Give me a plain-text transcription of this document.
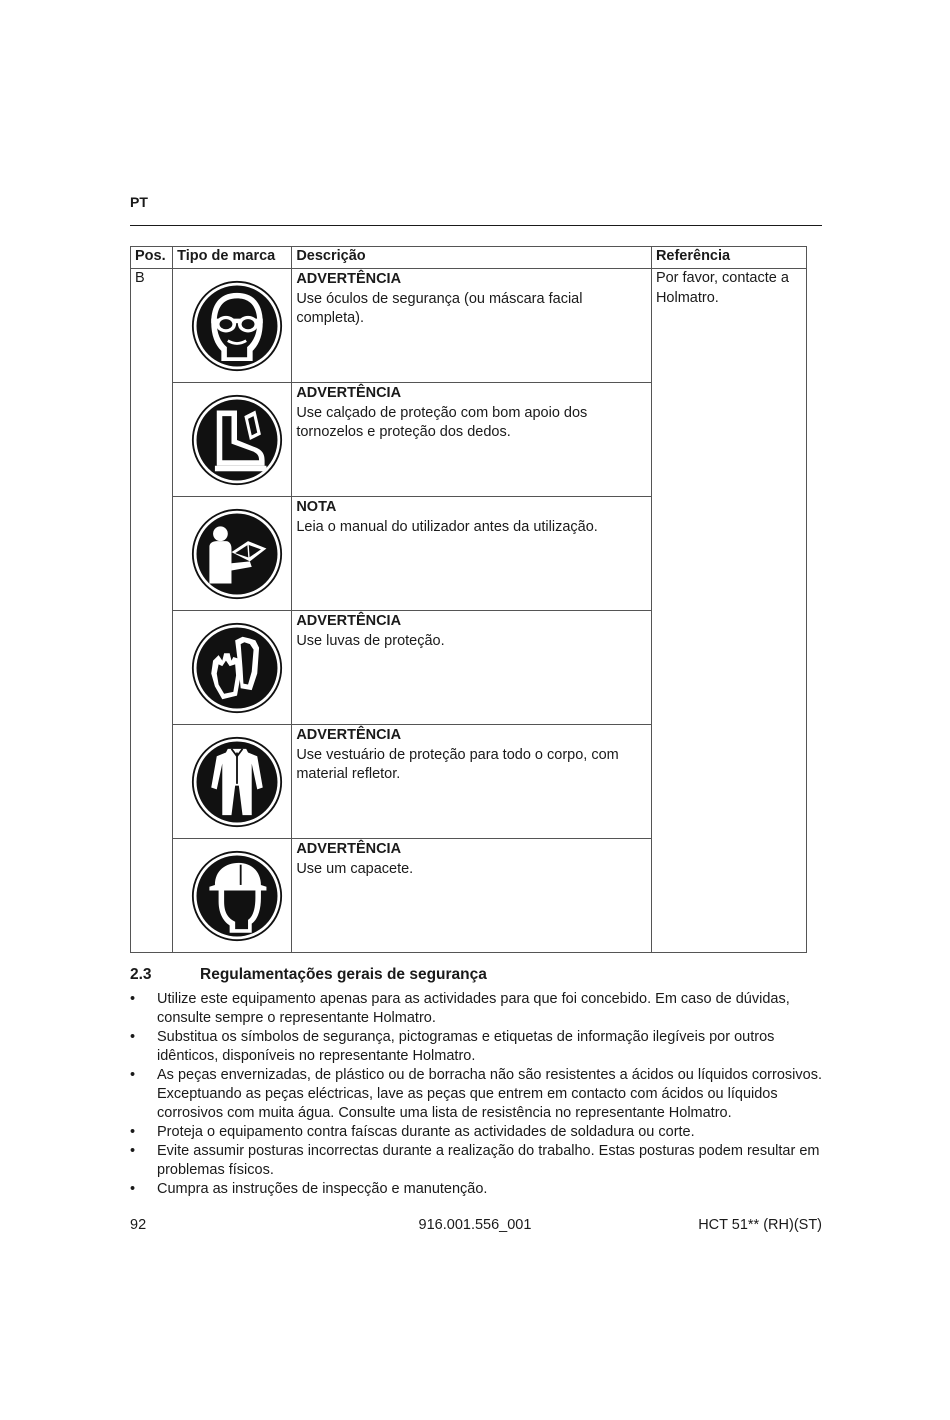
PT
Pos.	Tipo de marca	Descrição	Referência
B		ADVERTÊNCIA
Use óculos de segurança (ou máscara facial completa).	Por favor, contacte a Holmatro.

ADVERTÊNCIA
Use calçado de proteção com bom apoio dos tornozelos e proteção dos dedos.	

NOTA
Leia o manual do utilizador antes da utilização.	

ADVERTÊNCIA
Use luvas de proteção.	

ADVERTÊNCIA
Use vestuário de proteção para todo o corpo, com material refletor.	

ADVERTÊNCIA
Use um capacete.	
2.3	Regulamentações gerais de segurança
• Utilize este equipamento apenas para as actividades para que foi concebido. Em caso de dúvidas, consulte sempre o representante Holmatro.
• Substitua os símbolos de segurança, pictogramas e etiquetas de informação ilegíveis por outros idênticos, disponíveis no representante Holmatro.
• As peças envernizadas, de plástico ou de borracha não são resistentes a ácidos ou líquidos corrosivos. Exceptuando as peças eléctricas, lave as peças que entrem em contacto com ácidos ou líquidos corrosivos com muita água. Consulte uma lista de resistência no representante Holmatro.
• Proteja o equipamento contra faíscas durante as actividades de soldadura ou corte.
• Evite assumir posturas incorrectas durante a realização do trabalho. Estas posturas podem resultar em problemas físicos.
• Cumpra as instruções de inspecção e manutenção.
92	916.001.556_001	HCT 51** (RH)(ST)
